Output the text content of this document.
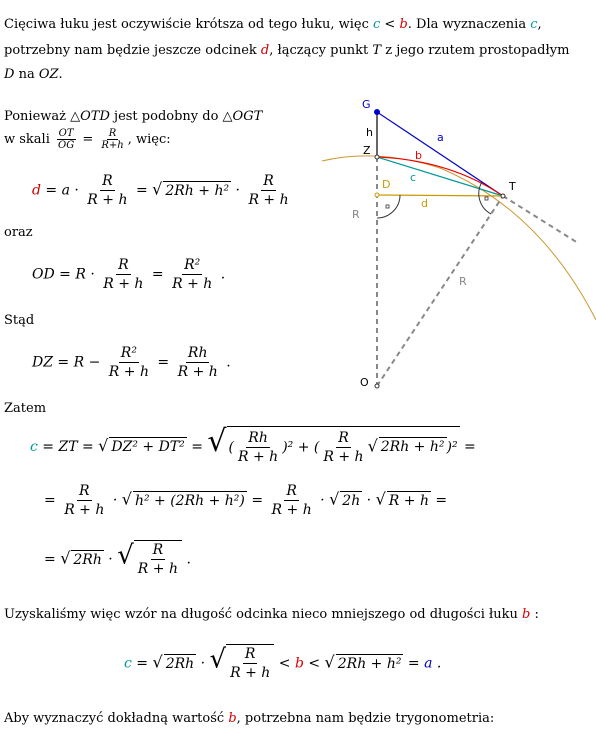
Cięciwa łuku jest oczywiście krótsza od tego łuku, więc c < b. Dla wyznaczenia c,
potrzebny nam będzie jeszcze odcinek d, łączący punkt T z jego rzutem prostopadłym
D na OZ.
Ponieważ △OTD jest podobny do △OGT
w skali $\frac{OT}{OG} = \frac{R}{R+h}$ , więc:
$d = a \cdot \frac{R}{R + h}$ = √ $2Rh + h^2 \cdot \frac{R}{R + h}$
oraz
OD = $R \cdot \frac{R}{R + h} = \frac{\text{R²}}{R + h}$ .
Stąd
DZ = $R - \frac{\text{R²}}{R + h} = \frac{Rh}{R + h}$ .
Zatem
c = ZT = √ DZ² + DT² = √ ( $\frac{Rh}{R + h} )^2$ + ( $\frac{R}{R + h}$ √ 2Rh + h² )² =
= $\frac{R}{R + h}$ · √ $h^2 + (2Rh + h^2) = \frac{R}{R + h}$ · √ 2h · √ R + h =
= √ 2Rh · √ $\frac{R}{R + h}$ .
Uzyskaliśmy więc wzór na długość odcinka nieco mniejszego od długości łuku b :
c = √ 2Rh · √ $\frac{R}{R + h} < b$ < √ 2Rh + h² = a .
Aby wyznaczyć dokładną wartość b, potrzebna nam będzie trygonometria:
G
h	a
Z	b
c
D	T
d
R
R
O
